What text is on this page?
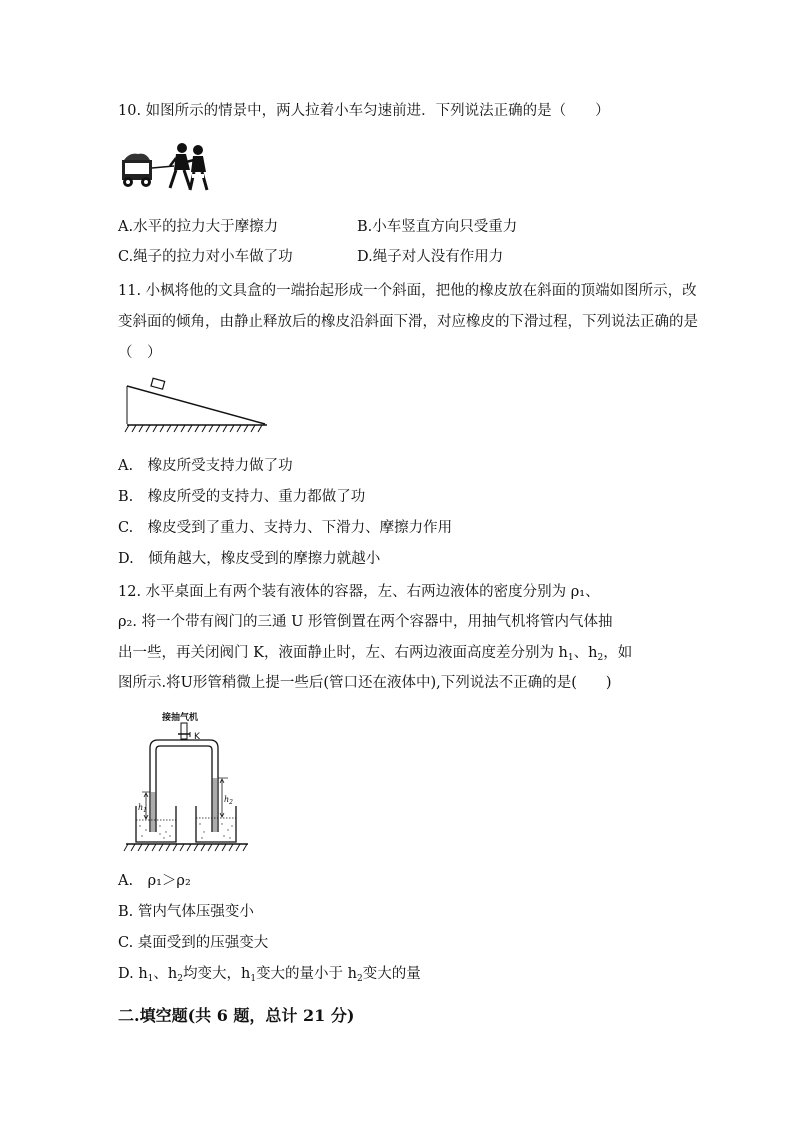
10. 如图所示的情景中，两人拉着小车匀速前进．下列说法正确的是（　　）
A.水平的拉力大于摩擦力	B.小车竖直方向只受重力
C.绳子的拉力对小车做了功	D.绳子对人没有作用力
11. 小枫将他的文具盒的一端抬起形成一个斜面，把他的橡皮放在斜面的顶端如图所示，改
变斜面的倾角，由静止释放后的橡皮沿斜面下滑，对应橡皮的下滑过程，下列说法正确的是
（　）
A.　橡皮所受支持力做了功
B.　橡皮所受的支持力、重力都做了功
C.　橡皮受到了重力、支持力、下滑力、摩擦力作用
D.　倾角越大，橡皮受到的摩擦力就越小
12. 水平桌面上有两个装有液体的容器，左、右两边液体的密度分别为 ρ₁、
ρ₂. 将一个带有阀门的三通 U 形管倒置在两个容器中，用抽气机将管内气体抽
出一些，再关闭阀门 K，液面静止时，左、右两边液面高度差分别为 $h_1$、$h_2$，如
图所示.将U形管稍微上提一些后(管口还在液体中),下列说法不正确的是(　　)
接抽气机
K
$h_1$
$h_2$
A.　ρ₁＞ρ₂
B. 管内气体压强变小
C. 桌面受到的压强变大
D. $h_1$、$h_2$均变大，$h_1$变大的量小于 $h_2$变大的量
二.填空题(共 6 题，总计 21 分)
